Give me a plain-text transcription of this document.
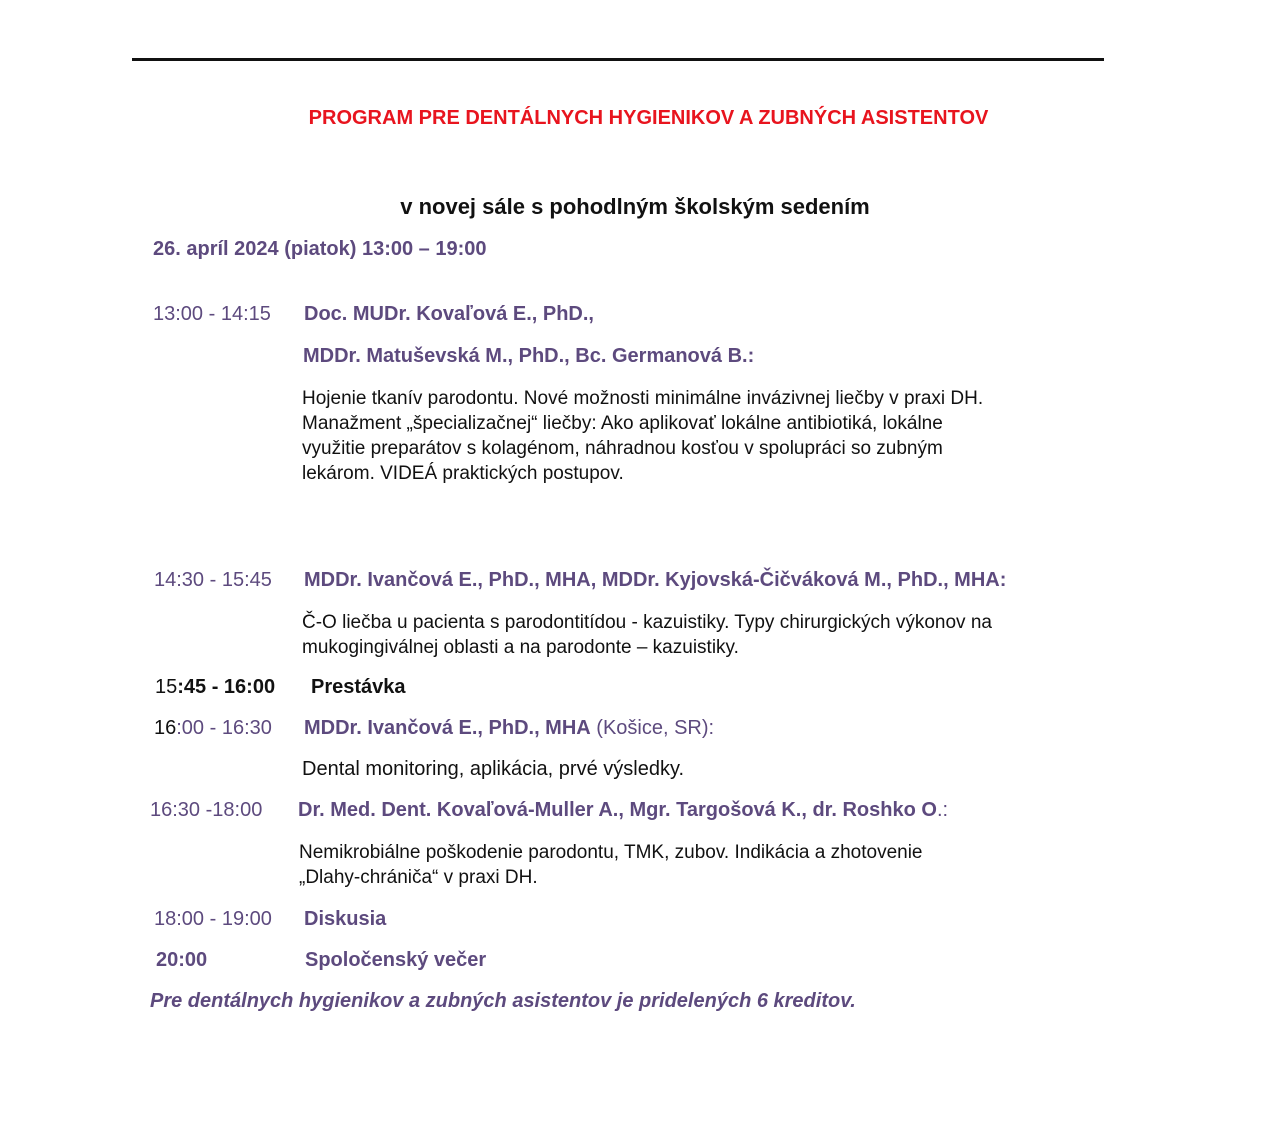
PROGRAM PRE DENTÁLNYCH HYGIENIKOV A ZUBNÝCH ASISTENTOV
v novej sále s pohodlným školským sedením
26. apríl 2024 (piatok) 13:00 – 19:00
13:00 - 14:15 Doc. MUDr. Kovaľová E., PhD.,
MDDr. Matuševská M., PhD., Bc. Germanová B.:
Hojenie tkanív parodontu. Nové možnosti minimálne invázivnej liečby v praxi DH.
Manažment „špecializačnej“ liečby: Ako aplikovať lokálne antibiotiká, lokálne
využitie preparátov s kolagénom, náhradnou kosťou v spolupráci so zubným
lekárom. VIDEÁ praktických postupov.
14:30 - 15:45 MDDr. Ivančová E., PhD., MHA, MDDr. Kyjovská-Čičváková M., PhD., MHA:
Č-O liečba u pacienta s parodontitídou - kazuistiky. Typy chirurgických výkonov na
mukogingiválnej oblasti a na parodonte – kazuistiky.
15:45 - 16:00 Prestávka
16:00 - 16:30 MDDr. Ivančová E., PhD., MHA (Košice, SR):
Dental monitoring, aplikácia, prvé výsledky.
16:30 -18:00 Dr. Med. Dent. Kovaľová-Muller A., Mgr. Targošová K., dr. Roshko O.:
Nemikrobiálne poškodenie parodontu, TMK, zubov. Indikácia a zhotovenie
„Dlahy-chrániča“ v praxi DH.
18:00 - 19:00 Diskusia
20:00	Spoločenský večer
Pre dentálnych hygienikov a zubných asistentov je pridelených 6 kreditov.
